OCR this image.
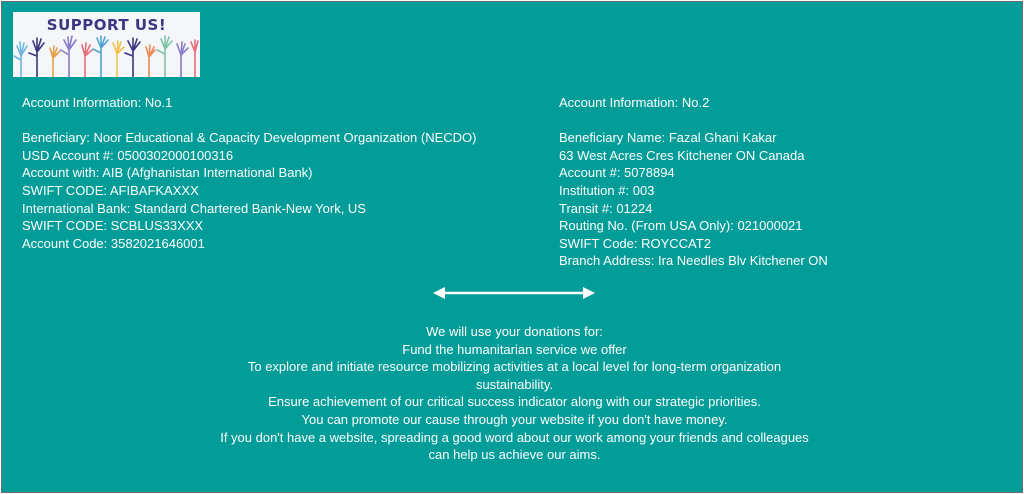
SUPPORT US!
Account Information: No.1
Beneficiary: Noor Educational & Capacity Development Organization (NECDO)
USD Account #: 0500302000100316
Account with: AIB (Afghanistan International Bank)
SWIFT CODE: AFIBAFKAXXX
International Bank: Standard Chartered Bank-New York, US
SWIFT CODE: SCBLUS33XXX
Account Code: 3582021646001
Account Information: No.2
Beneficiary Name: Fazal Ghani Kakar
63 West Acres Cres Kitchener ON Canada
Account #: 5078894
Institution #: 003
Transit #: 01224
Routing No. (From USA Only): 021000021
SWIFT Code: ROYCCAT2
Branch Address: Ira Needles Blv Kitchener ON
We will use your donations for:
Fund the humanitarian service we offer
To explore and initiate resource mobilizing activities at a local level for long-term organization
sustainability.
Ensure achievement of our critical success indicator along with our strategic priorities.
You can promote our cause through your website if you don't have money.
If you don't have a website, spreading a good word about our work among your friends and colleagues
can help us achieve our aims.
